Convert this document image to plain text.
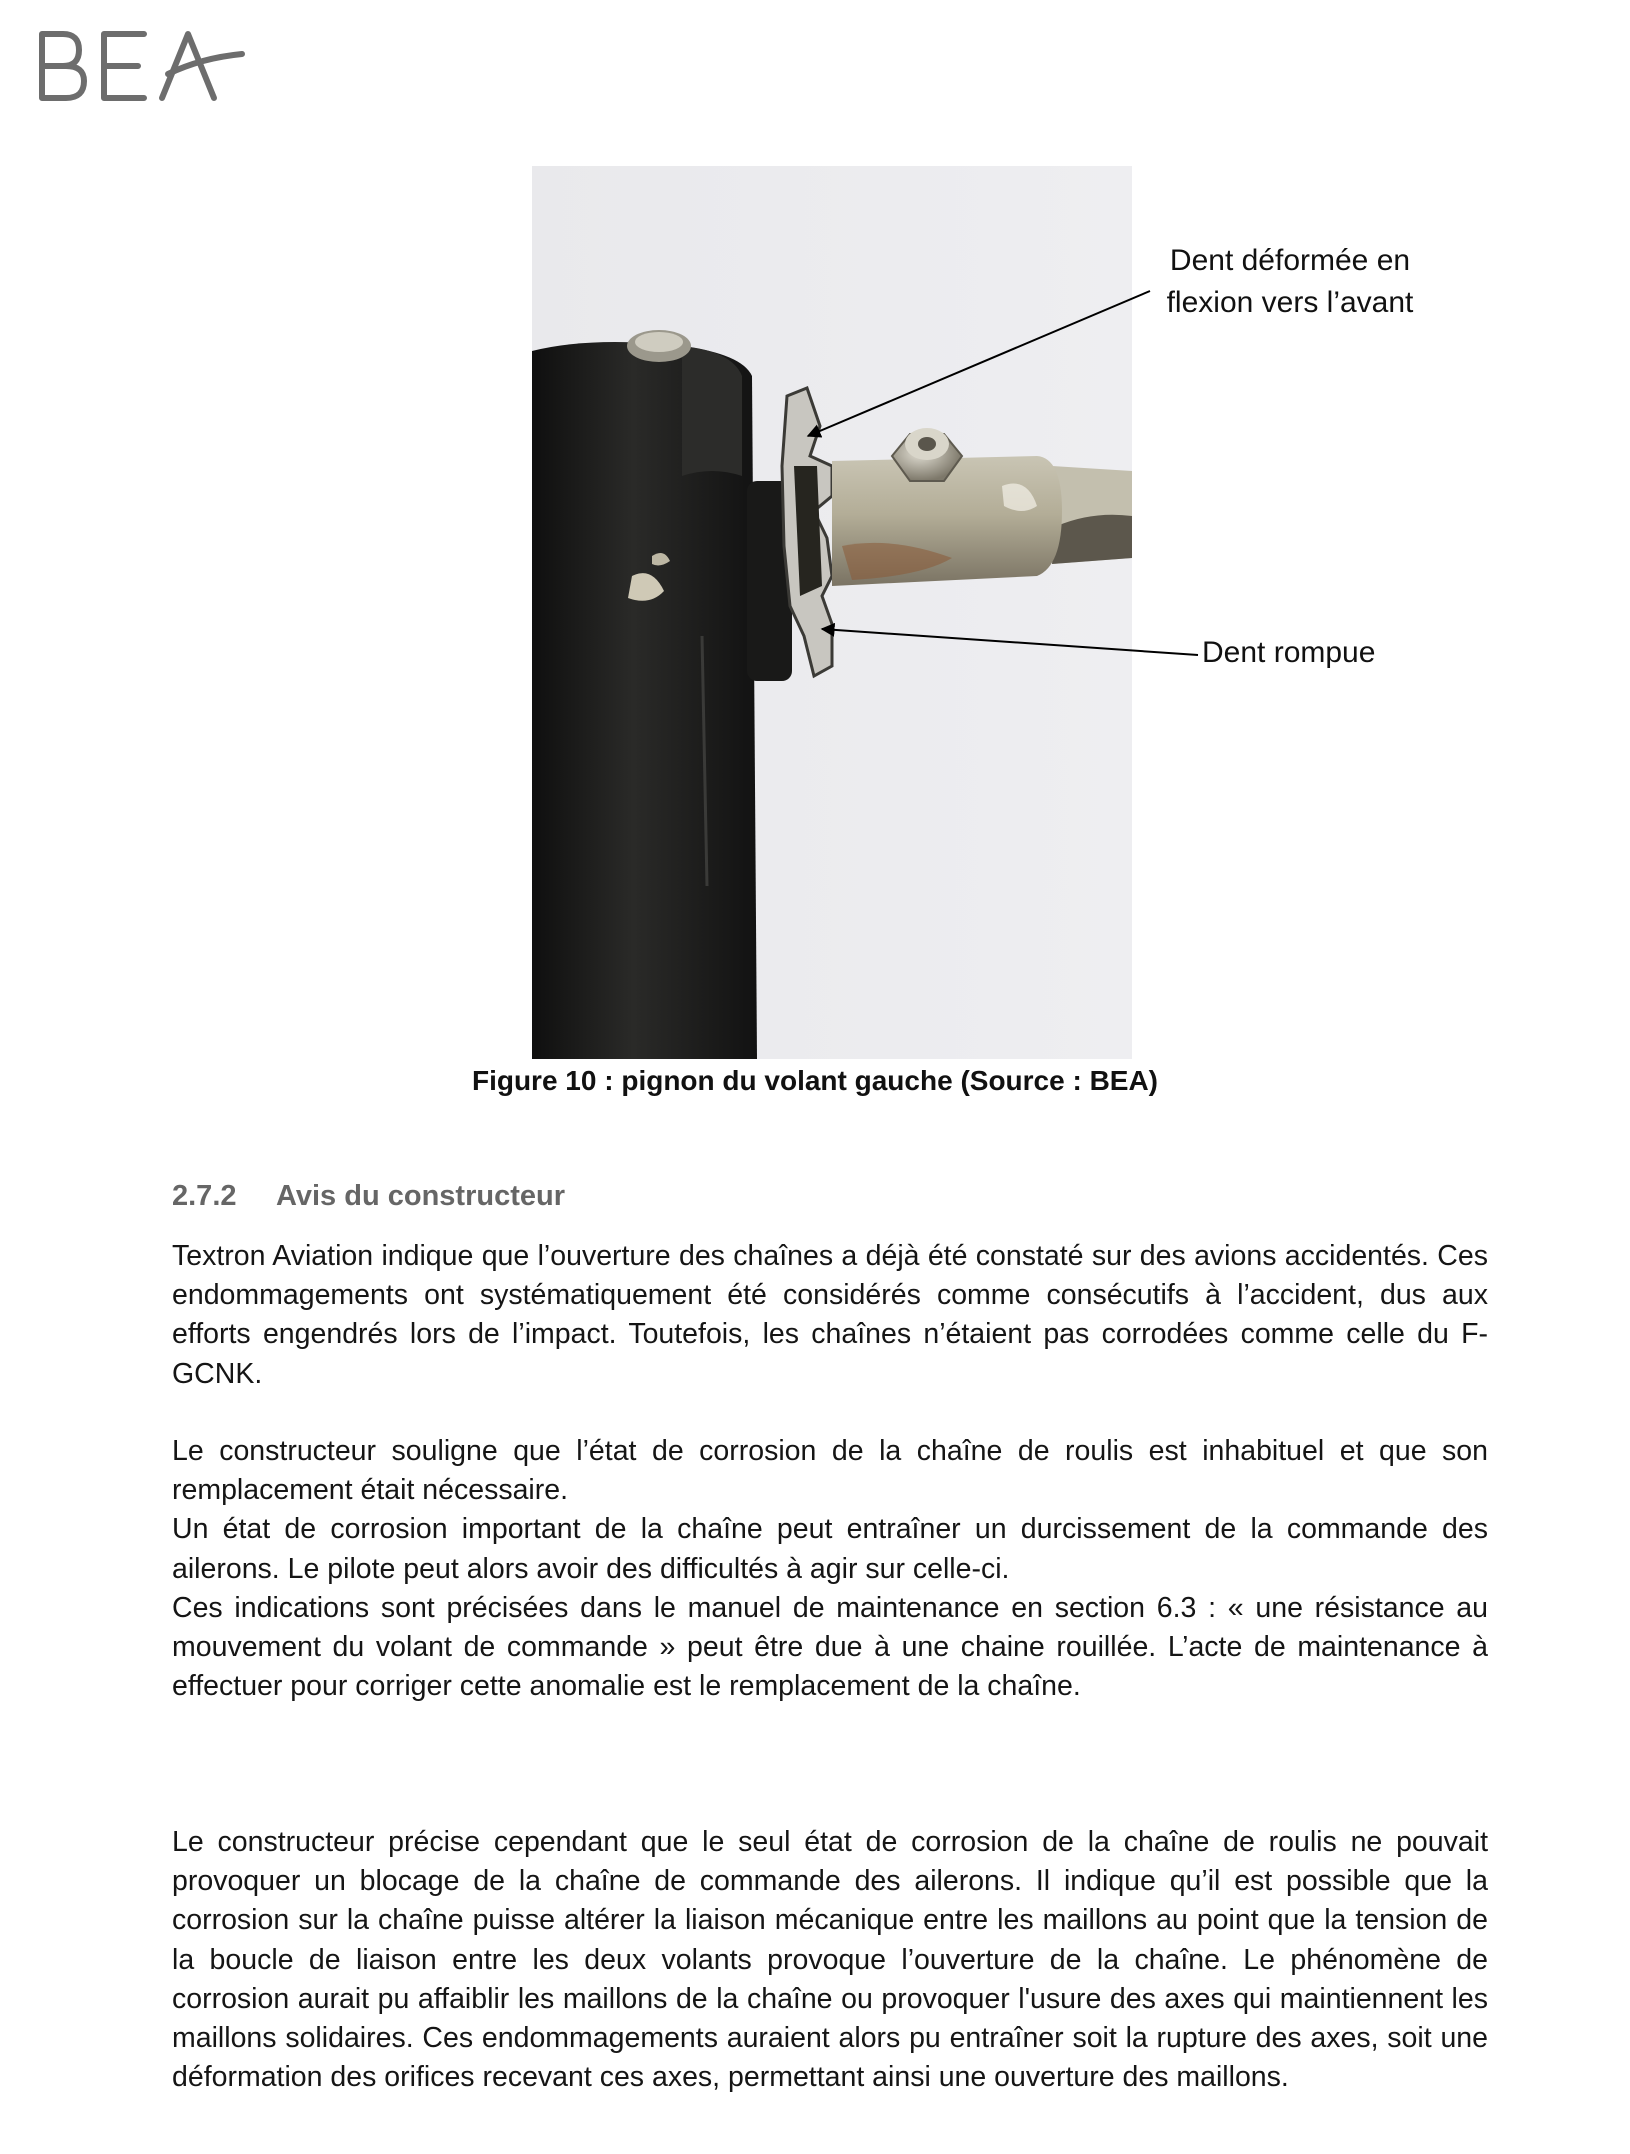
Dent déformée en flexion vers l’avant
Dent rompue
Figure 10 : pignon du volant gauche (Source : BEA)
2.7.2 Avis du constructeur

Textron Aviation indique que l’ouverture des chaînes a déjà été constaté sur des avions accidentés. Ces endommagements ont systématiquement été considérés comme consécutifs à l’accident, dus aux efforts engendrés lors de l’impact. Toutefois, les chaînes n’étaient pas corrodées comme celle du F-GCNK.

Le constructeur souligne que l’état de corrosion de la chaîne de roulis est inhabituel et que son remplacement était nécessaire.

Un état de corrosion important de la chaîne peut entraîner un durcissement de la commande des ailerons. Le pilote peut alors avoir des difficultés à agir sur celle-ci.

Ces indications sont précisées dans le manuel de maintenance en section 6.3 : « une résistance au mouvement du volant de commande » peut être due à une chaine rouillée. L’acte de maintenance à effectuer pour corriger cette anomalie est le remplacement de la chaîne.

Le constructeur précise cependant que le seul état de corrosion de la chaîne de roulis ne pouvait provoquer un blocage de la chaîne de commande des ailerons. Il indique qu’il est possible que la corrosion sur la chaîne puisse altérer la liaison mécanique entre les maillons au point que la tension de la boucle de liaison entre les deux volants provoque l’ouverture de la chaîne. Le phénomène de corrosion aurait pu affaiblir les maillons de la chaîne ou provoquer l'usure des axes qui maintiennent les maillons solidaires. Ces endommagements auraient alors pu entraîner soit la rupture des axes, soit une déformation des orifices recevant ces axes, permettant ainsi une ouverture des maillons.
